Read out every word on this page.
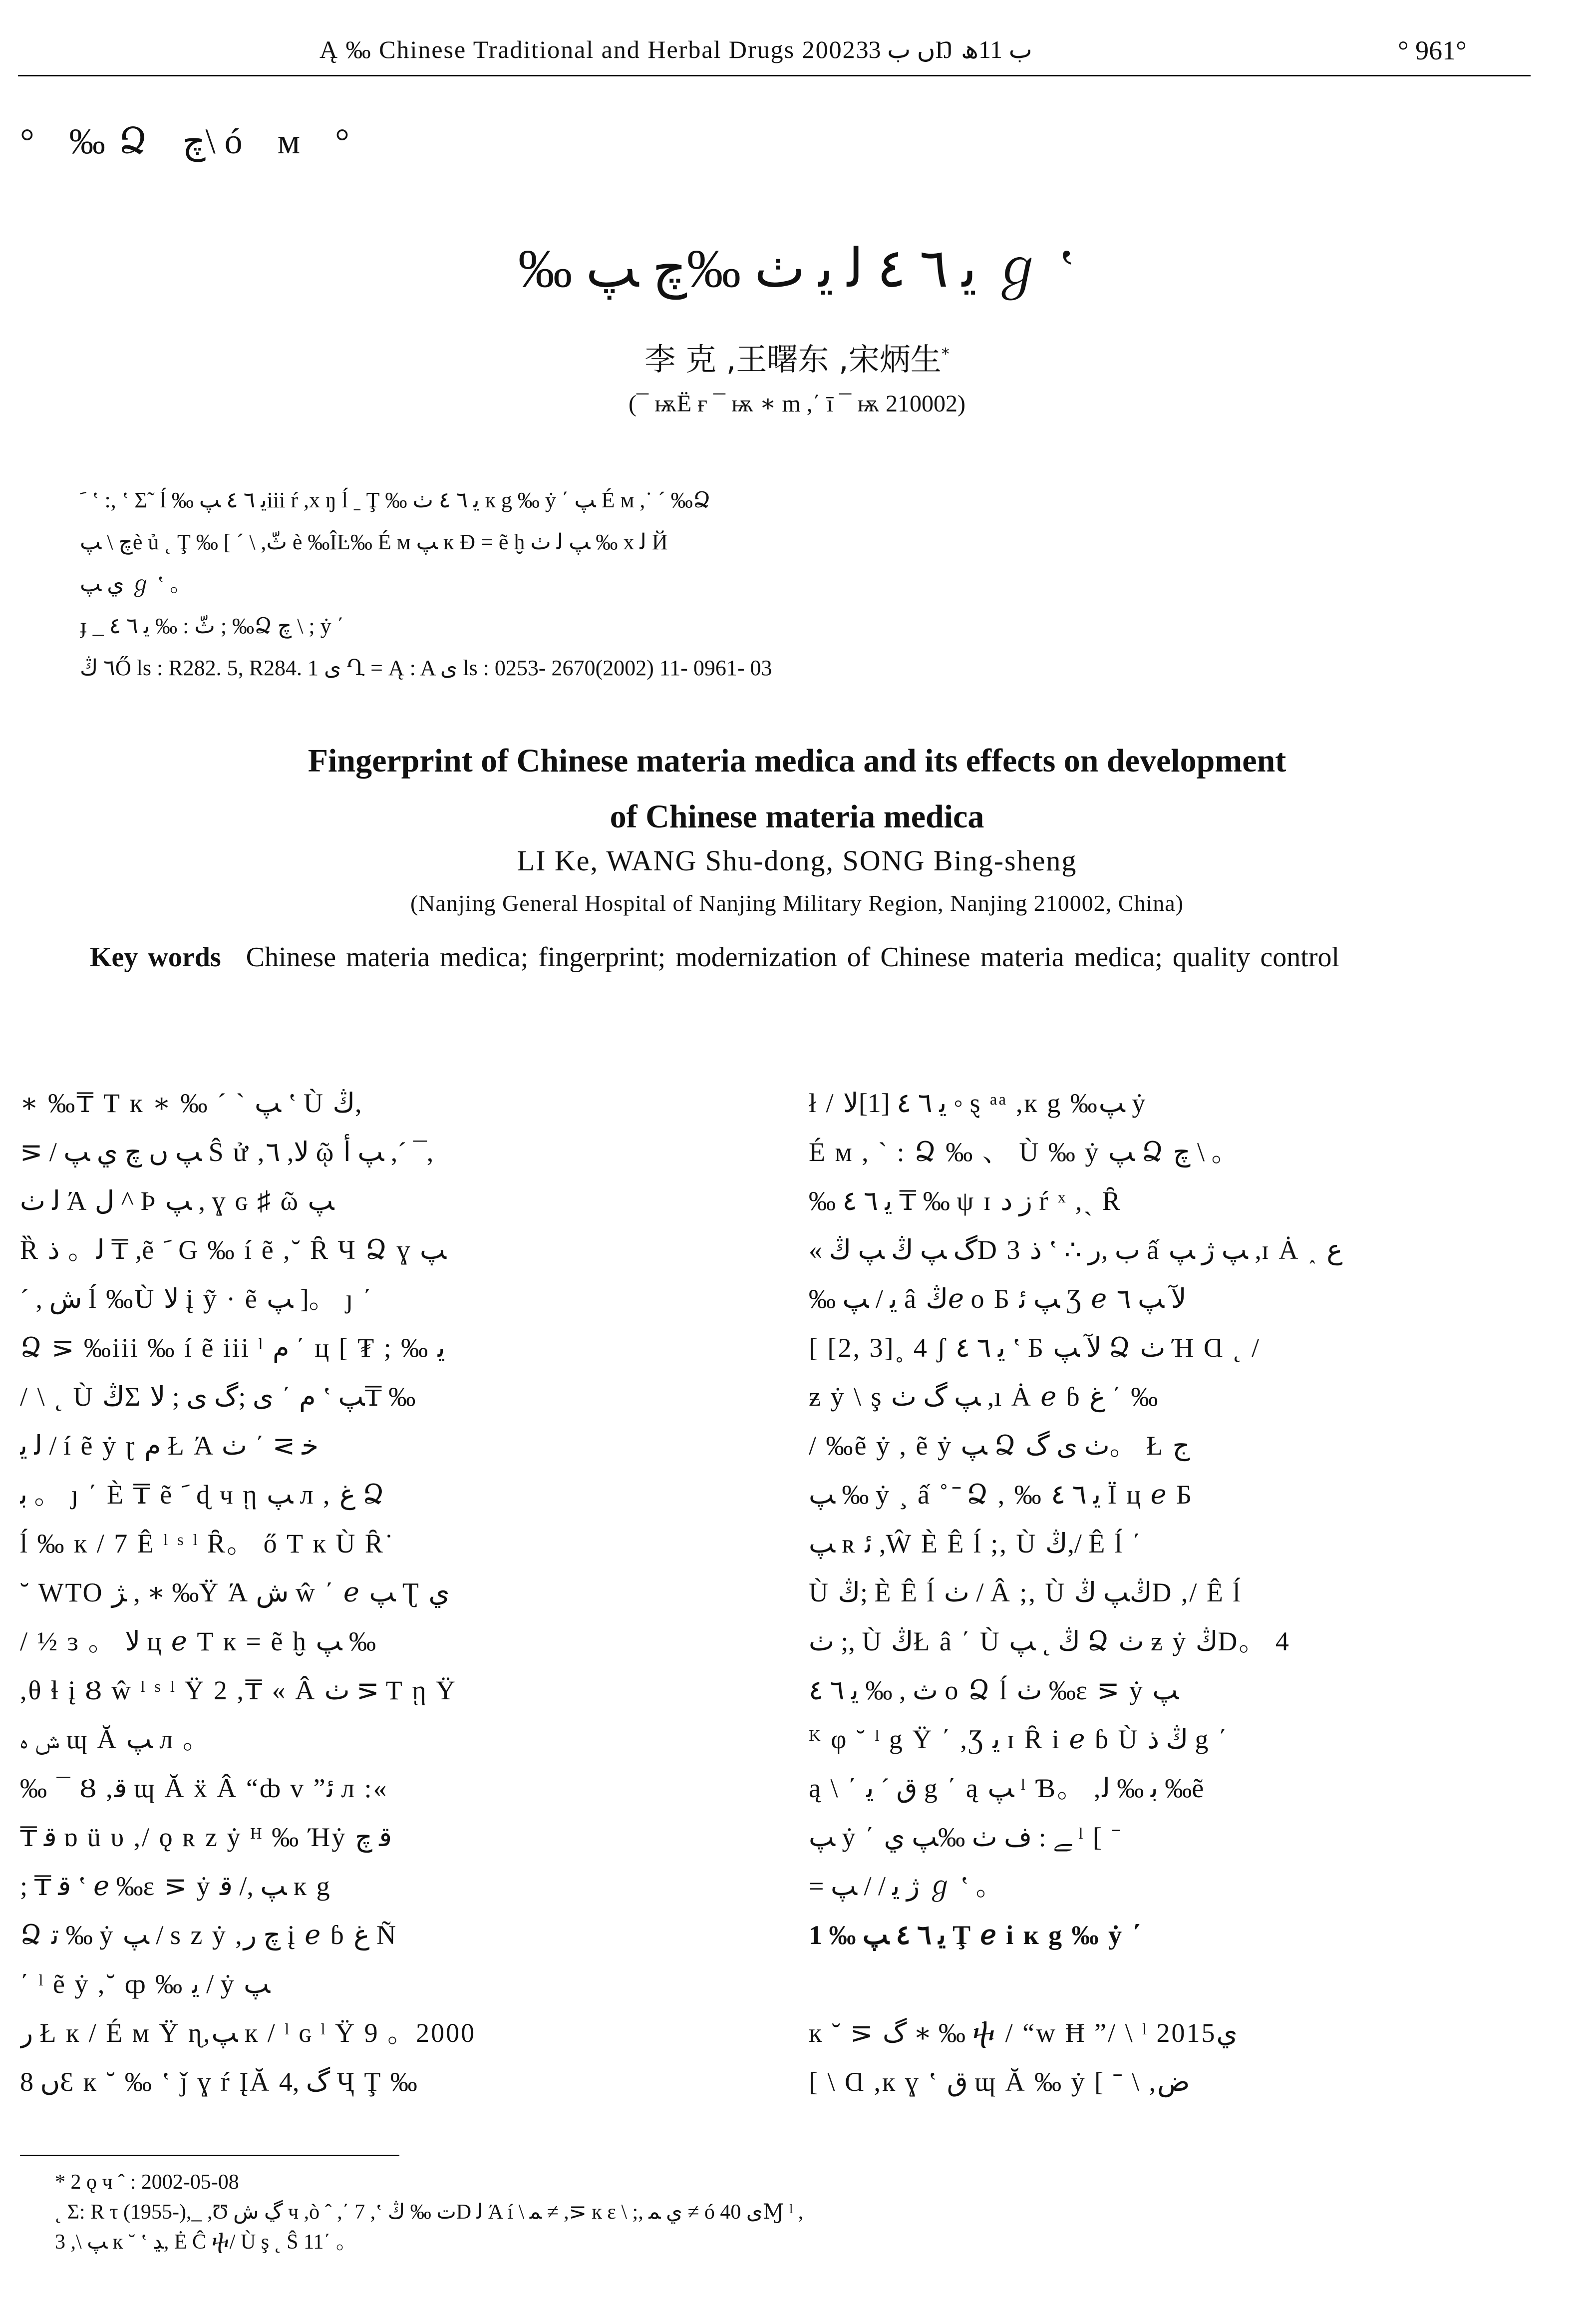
Ą ‰ Chinese Traditional and Herbal Drugs 2002ں ب 33Ŋ ب 11ﮪ	° 961°
° ‰Ձ چ\ ó м °
‰ ﻳ ٦ ٤ ﻟ ﻳ ٺ ‰چ ﭗ ℊ ʽ
李 克 ,王曙东 ,宋炳生*
(¯ ѭЁ ғ ¯ ѭ ∗ m ,΄ ī ¯ ѭ 210002)

ﹶ ʽ :, ʽ Σ˜ ĺ ‰ ﻳ ٦ ٤ ﭗiii ŕ ,x ŋ ĺ ˍ Ţ ‰ ﻳ ٦ ٤ ٺ к g ‰ ẏ ΄ ﭗ É м ,˙ ˊ ‰Ձ

چ \ ﭗè ủ ˛ Ţ ‰ [ ˊ \ ,ثّ è ‰ÎĿ‰ É м ﭗ к Ɖ = ẽ ḫ ﭗ ﻟ ٺ ‰ x ﻟ Й

ﻱ ﭗ ℊ ʽ 。

ɟ _ ثّ : ‰ ﻳ ٦ ٤ ; ‰Ձ چ \ ; ẏ ΄

٦ ڭŐ ls : R282. 5, R284. 1 ى Ղ = Ą : A ى ls : 0253- 2670(2002) 11- 0961- 03

Fingerprint of Chinese materia medica and its effects on development
of Chinese materia medica
LI Ke, WANG Shu-dong, SONG Bing-sheng
(Nanjing General Hospital of Nanjing Military Region, Nanjing 210002, China)
Key words Chinese materia medica; fingerprint; modernization of Chinese materia medica; quality control

∗ ‰₸ Т к ∗ ‰ ˊ ˋ ﭗ ʽ Ù ڭ,

⋝ / ﭗ ں چ ﻱ ﭗ Ŝ ử ,ﻻ, ٦ ῷ ﭗ أ ,ˊ ¯,

ﻟ ٺ Ά ﻝ ^ Þ ﭗ , ɣ ɢ ♯ ῶ ﭗ

Ȑ ﻟ。 ﺫ ₸ ,ẽ ﹶ G ‰ í ẽ ,˘ Ȓ Ч Ձ ɣ ﭗ

ˊ , ش ĺ ‰Ù ﻻ į ỹ · ẽ ﭗ ]。 ȷ ΄

Ձ ⋝ ‰iii ‰ í ẽ iii ˡ ﻡ ΄ ц [ ₮ ; ‰ ﻳ

/ \ ˛ Ù ڭΣ ﻡ ΄ ى ;ﮒ ى ; ﻻ ʽ ﭗ₸ ‰

ﻟ ﻳ / í ẽ ẏ ɽ ﻡ Ł Ά ﺧ ⋝ ΄ ٺ

ﺑ 。 ȷ ΄ È ₸ ẽ ﹶ ɖ ч ῃ ﭗ л , ﻍ Ձ

ĺ ‰ к / 7 Ê ˡ ˢ ˡ Ȓ。 ő Т к Ù Ȓ˙

˘ WTO ﮋ , ∗ ‰Ÿ Ά ش ŵ ΄ ℯ ﭗ Ʈ ﻱ

/ ½ ɜ 。 ﻻ ц ℯ Т к = ẽ ḫ ﭗ ‰

,θ ɬ į Ȣ ŵ ˡ ˢ ˡ Ÿ 2 ,₸ « Â ٺ ⋝ Т ῃ Ÿ

ش ﮦ ɰ Ă ﭗ л 。

‰ ¯ Ȣ ,ﻗ ɰ Ă ẍ Â “ȸ v ”ﺋ л :«

₸ ﻗ ɒ ü υ ,/ ǫ ʀ z ẏ ᴴ ‰ Ήẏ ﻗ چ

; ₸ ﻗ ʽ ℯ ‰ɛ ⋝ ẏ ﭗ ,/ ﻗ к g

Ձ ﺗ ‰ ẏ ﭗ / s z ẏ ,چ ﺭ į ℯ ɓ ﻍ Ñ

΄ ˡ ẽ ẏ ,˘ ȹ ‰ ﻳ / ẏ ﭗ

ﺭ Ł к / É м Ÿ ɳ,ﭗ к / ˡ ɢ ˡ Ÿ 9 。2000

ں 8Ɛ к ˘ ‰ ʽ ǰ ɣ ŕ ĮĂ ﮒ ,4 Ҷ Ţ ‰

ł / ﻳ ٦ ٤ [1]ﻻ ◦ ȿ ᵃᵃ ,к g ‰ﭗ ẏ

É м , ˋ : Ձ ‰ 、 Ù ‰ ẏ ﭗ Ձ چ \ 。

‰ ﻳ ٦ ٤ ₸ ‰ ψ ɪ ﺯ ﺩ ŕ ˣ ,ˏ Ȓ

« ﮒ ﭗ ڭ ﭗ ڭD 3 ﺫ ʽ ∴ ﺏ ,ﺭ ấ ﭗ ژ ﭗ ,ɪ Ȧ ˰ ع

‰ ﻳ / ﭗ â ڭℯ о Б ﭗ ﺋ Ʒ ℯ ﻵ ﭗ ٦

[ [2, 3]˳ 4 ʃ ﻳ ٦ ٤ ʽ Б ﻵ ﭗ Ձ ٺ Ή Ɑ ˛ /

ƶ ẏ \ ş ﭗ ﮒ ٺ ,ı Ȧ ℯ ɓ ﻍ ΄ ‰

/ ‰ẽ ẏ , ẽ ẏ ﭗ Ձ ٺ ى ﮒ。 Ł ﺝ

ﭗ ‰ ẏ ¸ ấ ˚ ̄ Ձ , ‰ ﻳ ٦ ٤ Ï ц ℯ Б

ﭗ ʀ ﺋ ,Ŵ È Ê ĺ ;, Ù ڭ,/ Ê ĺ ΄

Ù ڭ; È Ê ĺ ٺ / Â ;, Ù ڭﭗ ڭD ,/ Ê ĺ

ٺ ;, Ù ڭŁ â ΄ Ù ڭ ˛ ﭗ Ձ ٺ ƶ ẏ ڭD。 4

ث , ‰ ﻳ ٦ ٤ о Ձ ĺ ٺ ‰ɛ ⋝ ẏ ﭗ

ᴷ φ ˘ ˡ g Ÿ ΄ ,Ʒ ﻳ ɪ Ȓ i ℯ ɓ Ù ڭ ﺫ g ΄

ą \ ΄ ﻕ ˊ ﻳ g ΄ ą ﭗ ˡ Ɓ。 ,ﺑ ‰ ﻟ ‰ẽ

ﭗ ẏ ΄ ﮯ : ﻑ ٺ ‰ﭗ ﻱ ˡ [ ˉ

= ژ ﻳ / / ﭗ ℊ ʽ 。

1 ‰ ﻳ ٦ ٤ ﭗ Ţ ℯ і к g ‰ ẏ ΄

к ˘ ⋝ ﮒ ∗ ‰ ⴕ / “w Ħ ”/ \ ˡ 2015ﻱ

[ \ Ɑ ,к ɣ ʽ ﻕ ɰ Ă ‰ ẏ [ ˉ \ ,ﺽ

* 2 ǫ ч ˆ : 2002-05-08

˛ Σ: R τ (1955-),_ ,Ʊ ڲ ﺵ ч ,ò ˆ ,΄ 7 ,ʽ ﺕ ‰ ڭD ﻟ Ά í \ ﻤ ≠ ,⋝ к ɛ \ ;, ﻱ ﻤ ≠ ó ى 40Ɱ ˡ ,

3 ,\ ﭗ к ˘ ʽ ﮃ, Ė Ĉ ⴕ/ Ù ş ˛ Ŝ 11΄ 。
